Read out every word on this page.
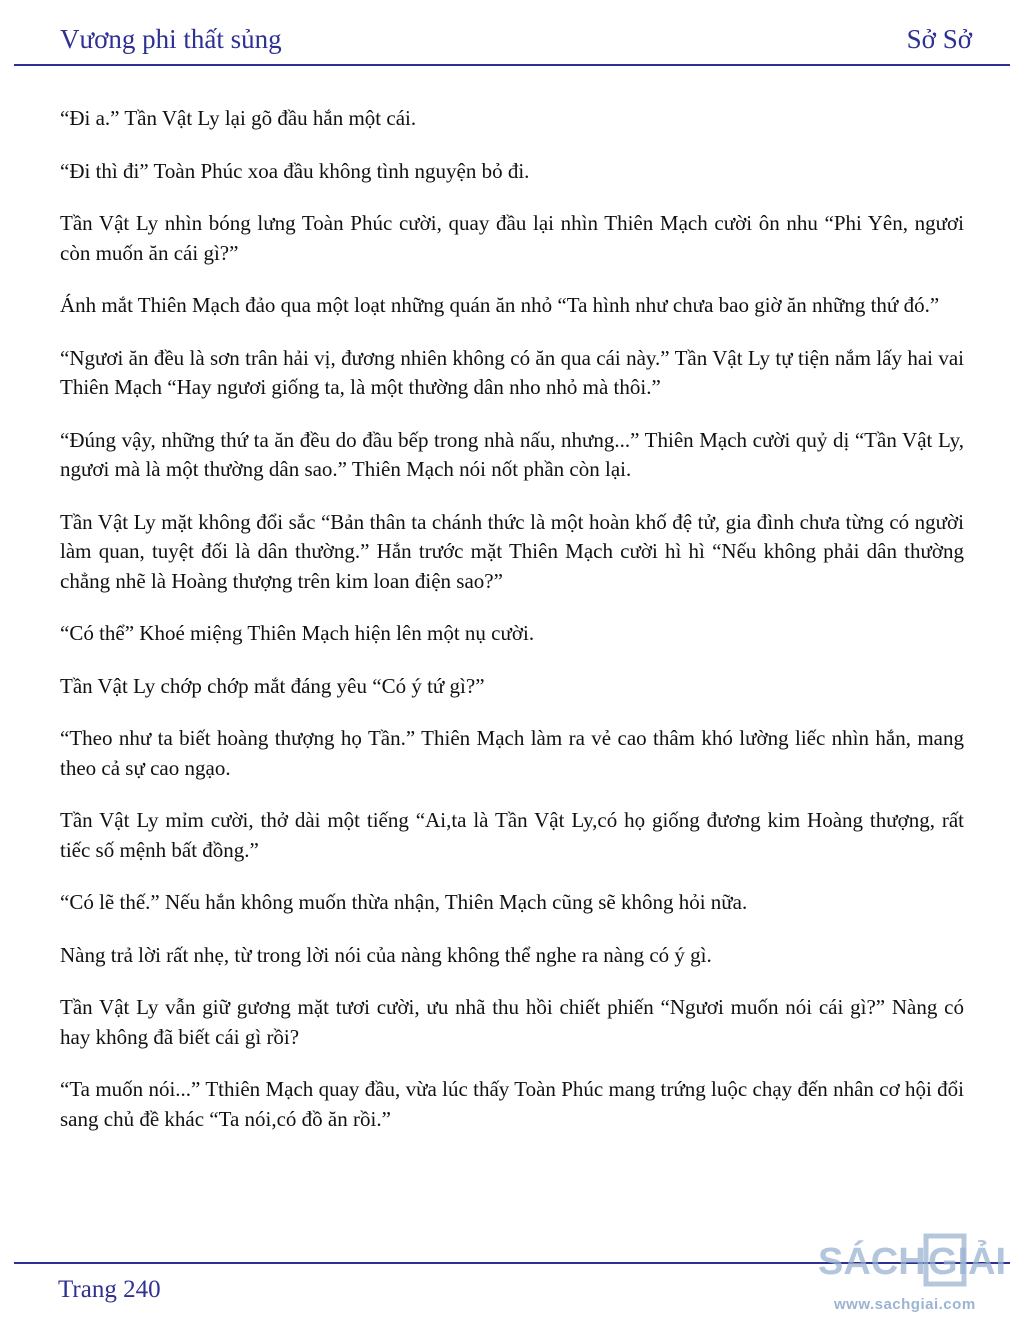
Vương phi thất sủng	Sở Sở

“Đi a.” Tần Vật Ly lại gõ đầu hắn một cái.

“Đi thì đi” Toàn Phúc xoa đầu không tình nguyện bỏ đi.

Tần Vật Ly nhìn bóng lưng Toàn Phúc cười, quay đầu lại nhìn Thiên Mạch cười ôn nhu “Phi Yên, ngươi còn muốn ăn cái gì?”

Ánh mắt Thiên Mạch đảo qua một loạt những quán ăn nhỏ “Ta hình như chưa bao giờ ăn những thứ đó.”

“Ngươi ăn đều là sơn trân hải vị, đương nhiên không có ăn qua cái này.” Tần Vật Ly tự tiện nắm lấy hai vai Thiên Mạch “Hay ngươi giống ta, là một thường dân nho nhỏ mà thôi.”

“Đúng vậy, những thứ ta ăn đều do đầu bếp trong nhà nấu, nhưng...” Thiên Mạch cười quỷ dị “Tần Vật Ly, ngươi mà là một thường dân sao.” Thiên Mạch nói nốt phần còn lại.

Tần Vật Ly mặt không đổi sắc “Bản thân ta chánh thức là một hoàn khố đệ tử, gia đình chưa từng có người làm quan, tuyệt đối là dân thường.” Hắn trước mặt Thiên Mạch cười hì hì “Nếu không phải dân thường chẳng nhẽ là Hoàng thượng trên kim loan điện sao?”

“Có thể” Khoé miệng Thiên Mạch hiện lên một nụ cười.

Tần Vật Ly chớp chớp mắt đáng yêu “Có ý tứ gì?”

“Theo như ta biết hoàng thượng họ Tần.” Thiên Mạch làm ra vẻ cao thâm khó lường liếc nhìn hắn, mang theo cả sự cao ngạo.

Tần Vật Ly mỉm cười, thở dài một tiếng “Ai,ta là Tần Vật Ly,có họ giống đương kim Hoàng thượng, rất tiếc số mệnh bất đồng.”

“Có lẽ thế.” Nếu hắn không muốn thừa nhận, Thiên Mạch cũng sẽ không hỏi nữa.

Nàng trả lời rất nhẹ, từ trong lời nói của nàng không thể nghe ra nàng có ý gì.

Tần Vật Ly vẫn giữ gương mặt tươi cười, ưu nhã thu hồi chiết phiến “Ngươi muốn nói cái gì?” Nàng có hay không đã biết cái gì rồi?

“Ta muốn nói...” Tthiên Mạch quay đầu, vừa lúc thấy Toàn Phúc mang trứng luộc chạy đến nhân cơ hội đổi sang chủ đề khác “Ta nói,có đồ ăn rồi.”

Trang 240
SÁCH GIẢI
www.sachgiai.com
